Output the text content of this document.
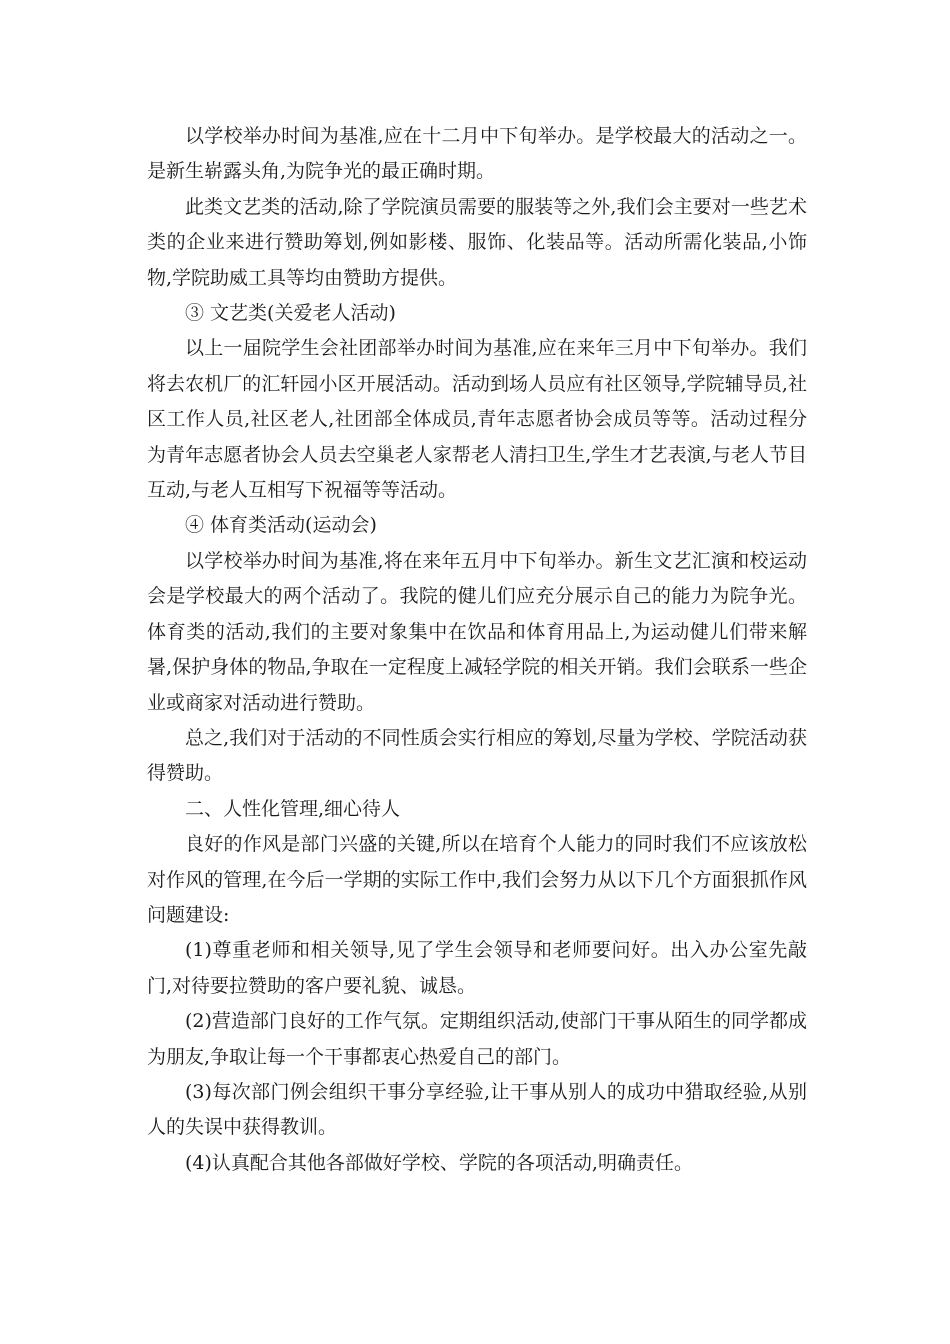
以学校举办时间为基准,应在十二月中下旬举办。是学校最大的活动之一。是新生崭露头角,为院争光的最正确时期。

此类文艺类的活动,除了学院演员需要的服装等之外,我们会主要对一些艺术类的企业来进行赞助筹划,例如影楼、服饰、化装品等。活动所需化装品,小饰物,学院助威工具等均由赞助方提供。

③ 文艺类(关爱老人活动)

以上一届院学生会社团部举办时间为基准,应在来年三月中下旬举办。我们将去农机厂的汇轩园小区开展活动。活动到场人员应有社区领导,学院辅导员,社区工作人员,社区老人,社团部全体成员,青年志愿者协会成员等等。活动过程分为青年志愿者协会人员去空巢老人家帮老人清扫卫生,学生才艺表演,与老人节目互动,与老人互相写下祝福等等活动。

④ 体育类活动(运动会)

以学校举办时间为基准,将在来年五月中下旬举办。新生文艺汇演和校运动会是学校最大的两个活动了。我院的健儿们应充分展示自己的能力为院争光。体育类的活动,我们的主要对象集中在饮品和体育用品上,为运动健儿们带来解暑,保护身体的物品,争取在一定程度上减轻学院的相关开销。我们会联系一些企业或商家对活动进行赞助。

总之,我们对于活动的不同性质会实行相应的筹划,尽量为学校、学院活动获得赞助。

二、人性化管理,细心待人

良好的作风是部门兴盛的关键,所以在培育个人能力的同时我们不应该放松对作风的管理,在今后一学期的实际工作中,我们会努力从以下几个方面狠抓作风问题建设:

(1)尊重老师和相关领导,见了学生会领导和老师要问好。出入办公室先敲门,对待要拉赞助的客户要礼貌、诚恳。

(2)营造部门良好的工作气氛。定期组织活动,使部门干事从陌生的同学都成为朋友,争取让每一个干事都衷心热爱自己的部门。

(3)每次部门例会组织干事分享经验,让干事从别人的成功中猎取经验,从别人的失误中获得教训。

(4)认真配合其他各部做好学校、学院的各项活动,明确责任。
